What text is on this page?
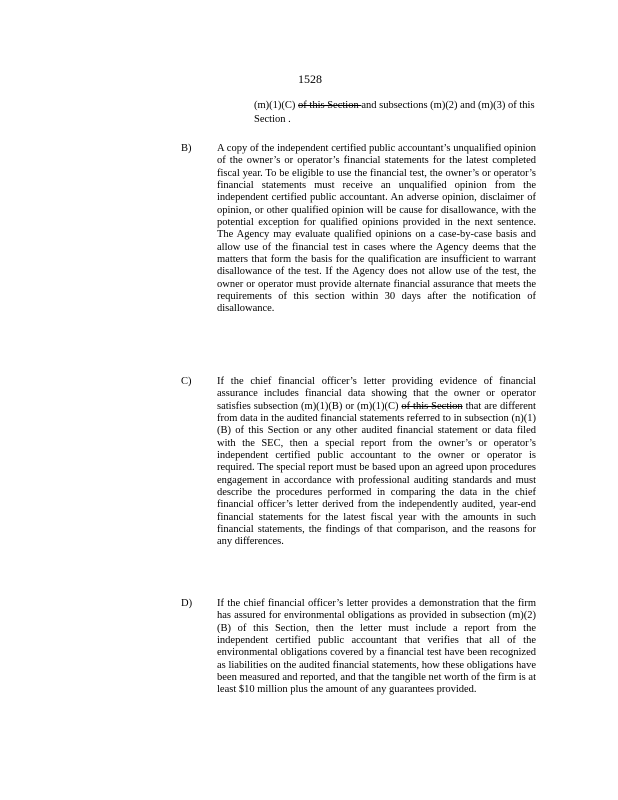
1528
(m)(1)(C) of this Section and subsections (m)(2) and (m)(3) of this Section .
B) A copy of the independent certified public accountant’s unqualified opinion of the owner’s or operator’s financial statements for the latest completed fiscal year. To be eligible to use the financial test, the owner’s or operator’s financial statements must receive an unqualified opinion from the independent certified public accountant. An adverse opinion, disclaimer of opinion, or other qualified opinion will be cause for disallowance, with the potential exception for qualified opinions provided in the next sentence. The Agency may evaluate qualified opinions on a case-by-case basis and allow use of the financial test in cases where the Agency deems that the matters that form the basis for the qualification are insufficient to warrant disallowance of the test. If the Agency does not allow use of the test, the owner or operator must provide alternate financial assurance that meets the requirements of this section within 30 days after the notification of disallowance.
C) If the chief financial officer’s letter providing evidence of financial assurance includes financial data showing that the owner or operator satisfies subsection (m)(1)(B) or (m)(1)(C) of this Section that are different from data in the audited financial statements referred to in subsection (n)(1)(B) of this Section or any other audited financial statement or data filed with the SEC, then a special report from the owner’s or operator’s independent certified public accountant to the owner or operator is required. The special report must be based upon an agreed upon procedures engagement in accordance with professional auditing standards and must describe the procedures performed in comparing the data in the chief financial officer’s letter derived from the independently audited, year-end financial statements for the latest fiscal year with the amounts in such financial statements, the findings of that comparison, and the reasons for any differences.
D) If the chief financial officer’s letter provides a demonstration that the firm has assured for environmental obligations as provided in subsection (m)(2)(B) of this Section, then the letter must include a report from the independent certified public accountant that verifies that all of the environmental obligations covered by a financial test have been recognized as liabilities on the audited financial statements, how these obligations have been measured and reported, and that the tangible net worth of the firm is at least $10 million plus the amount of any guarantees provided.
